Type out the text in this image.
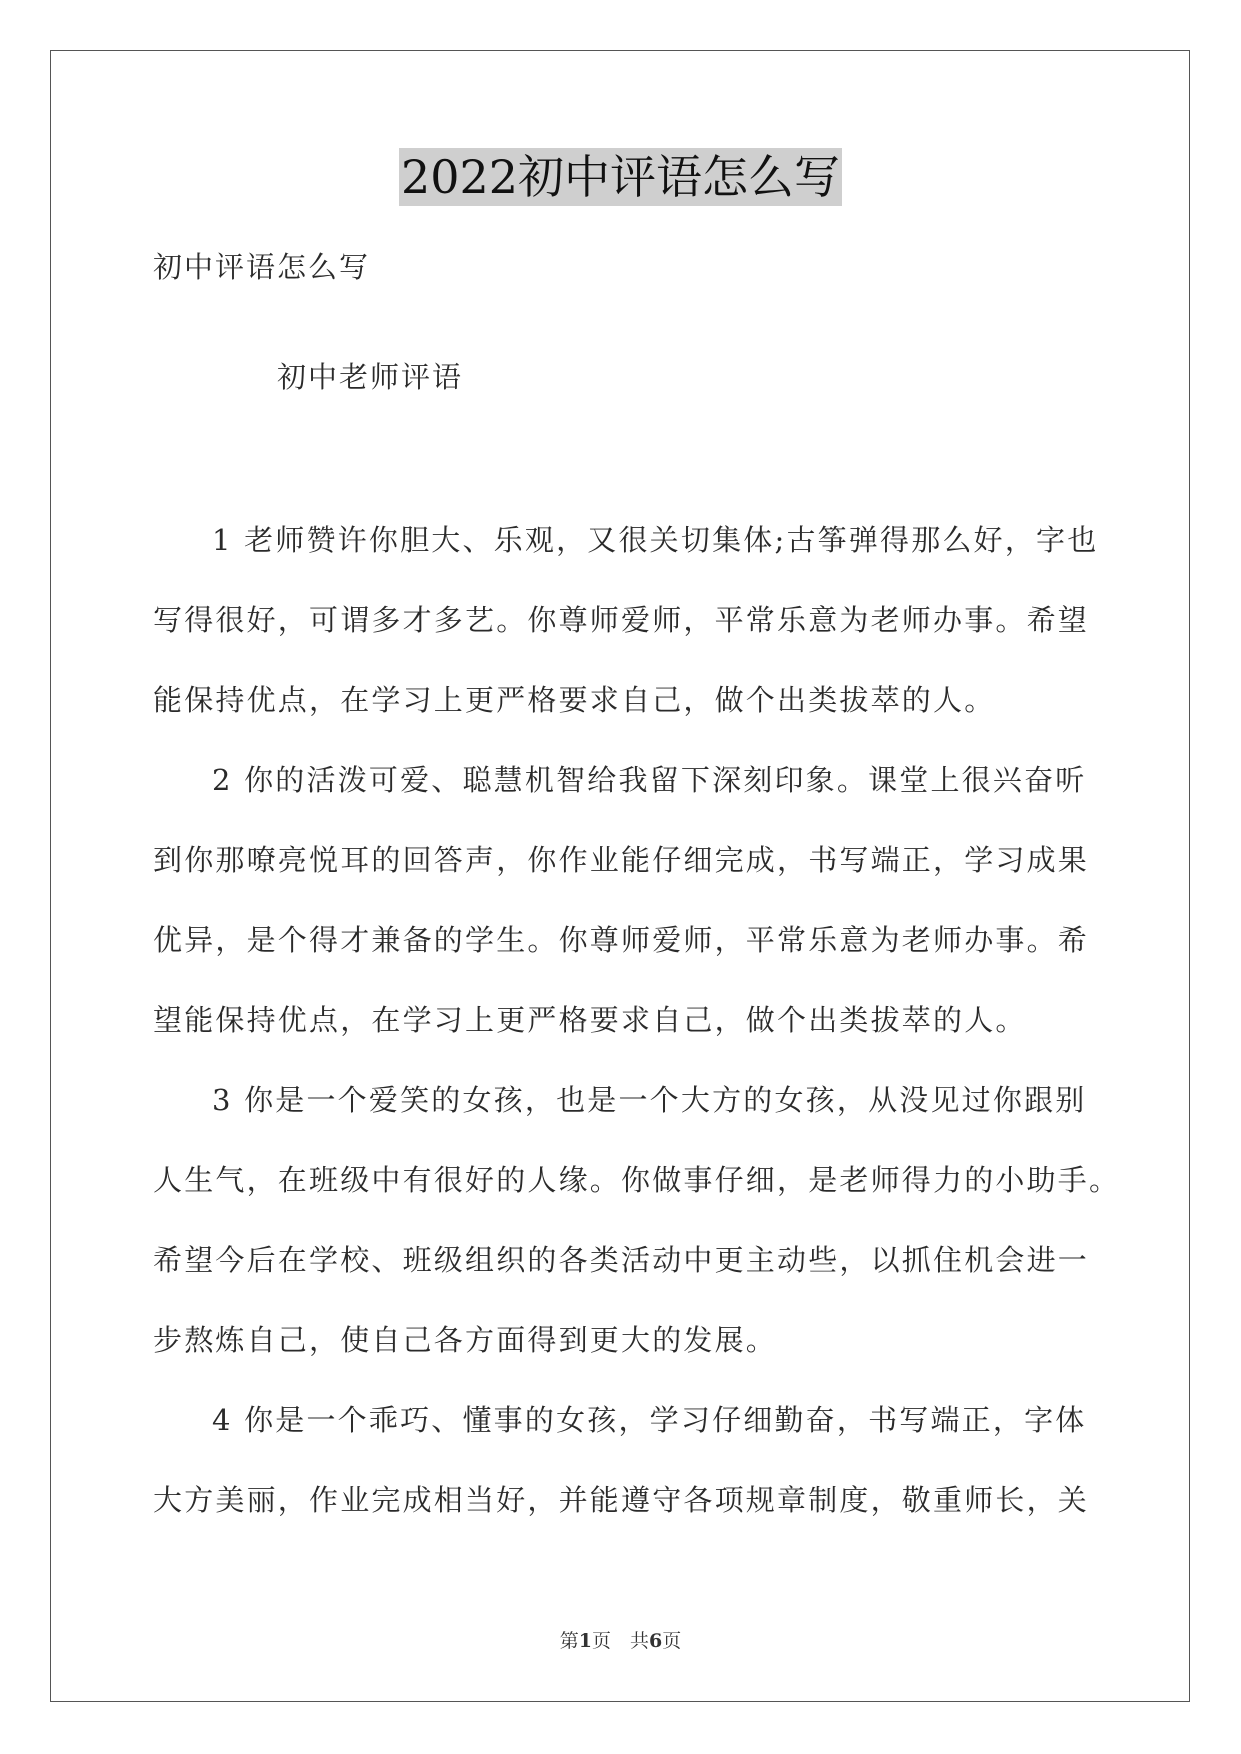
2022初中评语怎么写
初中评语怎么写
初中老师评语
1 老师赞许你胆大、乐观，又很关切集体;古筝弹得那么好，字也
写得很好，可谓多才多艺。你尊师爱师，平常乐意为老师办事。希望
能保持优点，在学习上更严格要求自己，做个出类拔萃的人。
2 你的活泼可爱、聪慧机智给我留下深刻印象。课堂上很兴奋听
到你那嘹亮悦耳的回答声，你作业能仔细完成，书写端正，学习成果
优异，是个得才兼备的学生。你尊师爱师，平常乐意为老师办事。希
望能保持优点，在学习上更严格要求自己，做个出类拔萃的人。
3 你是一个爱笑的女孩，也是一个大方的女孩，从没见过你跟别
人生气，在班级中有很好的人缘。你做事仔细，是老师得力的小助手。
希望今后在学校、班级组织的各类活动中更主动些，以抓住机会进一
步熬炼自己，使自己各方面得到更大的发展。
4 你是一个乖巧、懂事的女孩，学习仔细勤奋，书写端正，字体
大方美丽，作业完成相当好，并能遵守各项规章制度，敬重师长，关
第1页　共6页
